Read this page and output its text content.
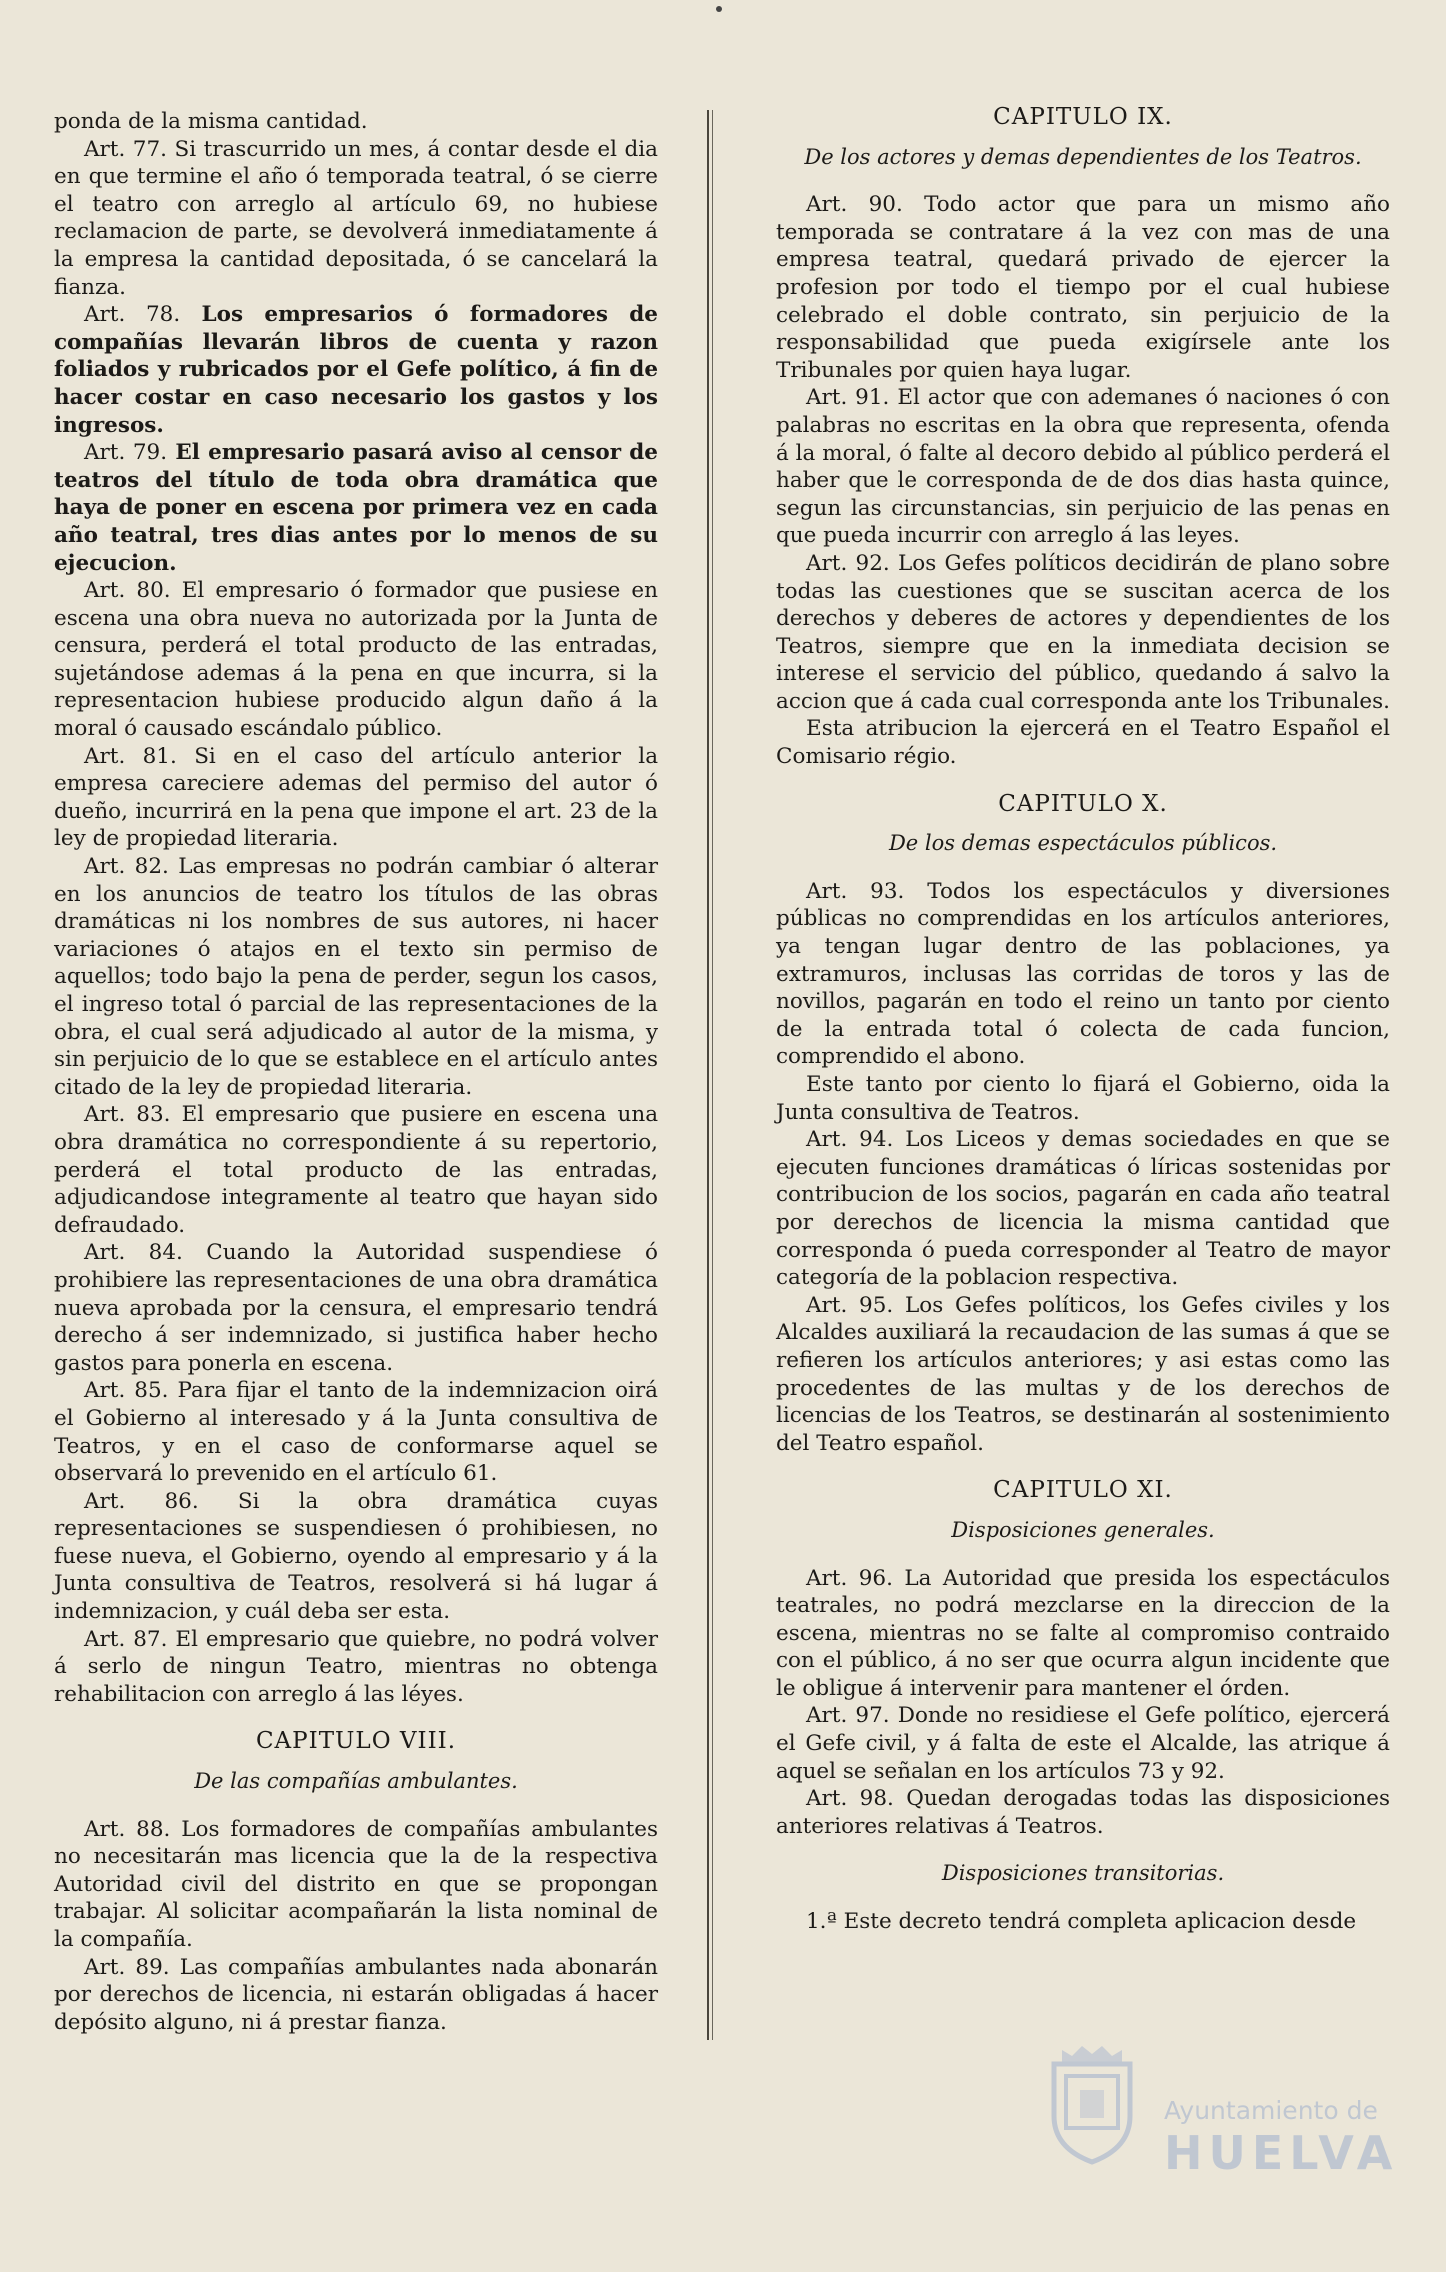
ponda de la misma cantidad.

Art. 77. Si trascurrido un mes, á contar desde el dia en que termine el año ó temporada teatral, ó se cierre el teatro con arreglo al artículo 69, no hubiese reclamacion de parte, se devolverá inmediatamente á la empresa la cantidad depositada, ó se cancelará la fianza.

Art. 78. Los empresarios ó formadores de compañías llevarán libros de cuenta y razon foliados y rubricados por el Gefe político, á fin de hacer costar en caso necesario los gastos y los ingresos.

Art. 79. El empresario pasará aviso al censor de teatros del título de toda obra dramática que haya de poner en escena por primera vez en cada año teatral, tres dias antes por lo menos de su ejecucion.

Art. 80. El empresario ó formador que pusiese en escena una obra nueva no autorizada por la Junta de censura, perderá el total producto de las entradas, sujetándose ademas á la pena en que incurra, si la representacion hubiese producido algun daño á la moral ó causado escándalo público.

Art. 81. Si en el caso del artículo anterior la empresa careciere ademas del permiso del autor ó dueño, incurrirá en la pena que impone el art. 23 de la ley de propiedad literaria.

Art. 82. Las empresas no podrán cambiar ó alterar en los anuncios de teatro los títulos de las obras dramáticas ni los nombres de sus autores, ni hacer variaciones ó atajos en el texto sin permiso de aquellos; todo bajo la pena de perder, segun los casos, el ingreso total ó parcial de las representaciones de la obra, el cual será adjudicado al autor de la misma, y sin perjuicio de lo que se establece en el artículo antes citado de la ley de propiedad literaria.

Art. 83. El empresario que pusiere en escena una obra dramática no correspondiente á su repertorio, perderá el total producto de las entradas, adjudicandose integramente al teatro que hayan sido defraudado.

Art. 84. Cuando la Autoridad suspendiese ó prohibiere las representaciones de una obra dramática nueva aprobada por la censura, el empresario tendrá derecho á ser indemnizado, si justifica haber hecho gastos para ponerla en escena.

Art. 85. Para fijar el tanto de la indemnizacion oirá el Gobierno al interesado y á la Junta consultiva de Teatros, y en el caso de conformarse aquel se observará lo prevenido en el artículo 61.

Art. 86. Si la obra dramática cuyas representaciones se suspendiesen ó prohibiesen, no fuese nueva, el Gobierno, oyendo al empresario y á la Junta consultiva de Teatros, resolverá si há lugar á indemnizacion, y cuál deba ser esta.

Art. 87. El empresario que quiebre, no podrá volver á serlo de ningun Teatro, mientras no obtenga rehabilitacion con arreglo á las léyes.

CAPITULO VIII.
De las compañías ambulantes.

Art. 88. Los formadores de compañías ambulantes no necesitarán mas licencia que la de la respectiva Autoridad civil del distrito en que se propongan trabajar. Al solicitar acompañarán la lista nominal de la compañía.

Art. 89. Las compañías ambulantes nada abonarán por derechos de licencia, ni estarán obligadas á hacer depósito alguno, ni á prestar fianza.

CAPITULO IX.
De los actores y demas dependientes de los Teatros.

Art. 90. Todo actor que para un mismo año temporada se contratare á la vez con mas de una empresa teatral, quedará privado de ejercer la profesion por todo el tiempo por el cual hubiese celebrado el doble contrato, sin perjuicio de la responsabilidad que pueda exigírsele ante los Tribunales por quien haya lugar.

Art. 91. El actor que con ademanes ó naciones ó con palabras no escritas en la obra que representa, ofenda á la moral, ó falte al decoro debido al público perderá el haber que le corresponda de de dos dias hasta quince, segun las circunstancias, sin perjuicio de las penas en que pueda incurrir con arreglo á las leyes.

Art. 92. Los Gefes políticos decidirán de plano sobre todas las cuestiones que se suscitan acerca de los derechos y deberes de actores y dependientes de los Teatros, siempre que en la inmediata decision se interese el servicio del público, quedando á salvo la accion que á cada cual corresponda ante los Tribunales.

Esta atribucion la ejercerá en el Teatro Español el Comisario régio.

CAPITULO X.
De los demas espectáculos públicos.

Art. 93. Todos los espectáculos y diversiones públicas no comprendidas en los artículos anteriores, ya tengan lugar dentro de las poblaciones, ya extramuros, inclusas las corridas de toros y las de novillos, pagarán en todo el reino un tanto por ciento de la entrada total ó colecta de cada funcion, comprendido el abono.

Este tanto por ciento lo fijará el Gobierno, oida la Junta consultiva de Teatros.

Art. 94. Los Liceos y demas sociedades en que se ejecuten funciones dramáticas ó líricas sostenidas por contribucion de los socios, pagarán en cada año teatral por derechos de licencia la misma cantidad que corresponda ó pueda corresponder al Teatro de mayor categoría de la poblacion respectiva.

Art. 95. Los Gefes políticos, los Gefes civiles y los Alcaldes auxiliará la recaudacion de las sumas á que se refieren los artículos anteriores; y asi estas como las procedentes de las multas y de los derechos de licencias de los Teatros, se destinarán al sostenimiento del Teatro español.

CAPITULO XI.
Disposiciones generales.

Art. 96. La Autoridad que presida los espectáculos teatrales, no podrá mezclarse en la direccion de la escena, mientras no se falte al compromiso contraido con el público, á no ser que ocurra algun incidente que le obligue á intervenir para mantener el órden.

Art. 97. Donde no residiese el Gefe político, ejercerá el Gefe civil, y á falta de este el Alcalde, las atrique á aquel se señalan en los artículos 73 y 92.

Art. 98. Quedan derogadas todas las disposiciones anteriores relativas á Teatros.

Disposiciones transitorias.

1.ª Este decreto tendrá completa aplicacion desde

Ayuntamiento de
HUELVA
